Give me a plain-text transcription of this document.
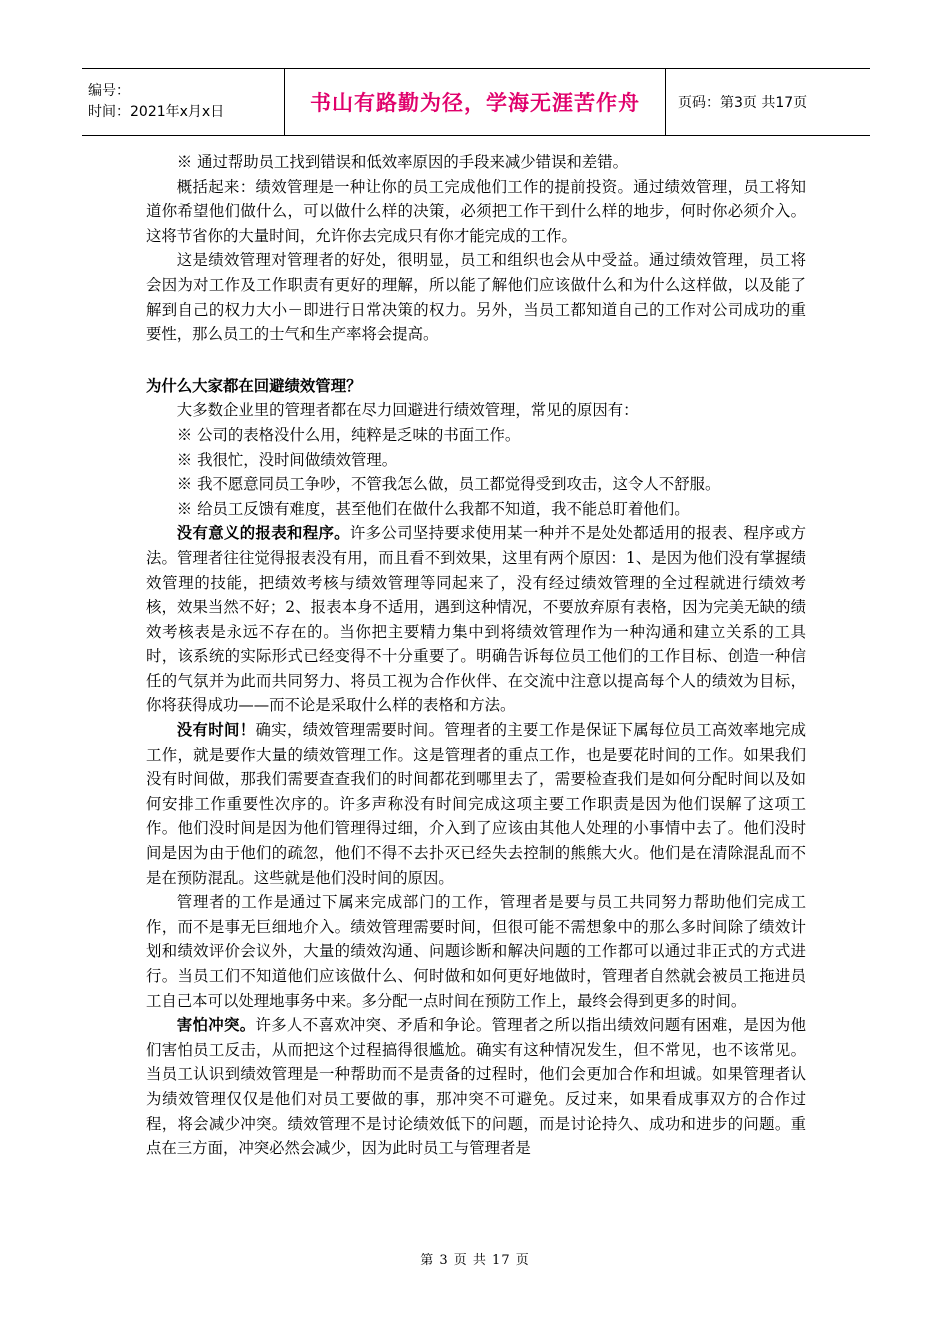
编号：
时间：2021年x月x日	书山有路勤为径，学海无涯苦作舟	页码：第3页 共17页

※ 通过帮助员工找到错误和低效率原因的手段来减少错误和差错。

概括起来：绩效管理是一种让你的员工完成他们工作的提前投资。通过绩效管理，员工将知道你希望他们做什么，可以做什么样的决策，必须把工作干到什么样的地步，何时你必须介入。这将节省你的大量时间，允许你去完成只有你才能完成的工作。

这是绩效管理对管理者的好处，很明显，员工和组织也会从中受益。通过绩效管理，员工将会因为对工作及工作职责有更好的理解，所以能了解他们应该做什么和为什么这样做，以及能了解到自己的权力大小－即进行日常决策的权力。另外，当员工都知道自己的工作对公司成功的重要性，那么员工的士气和生产率将会提高。

为什么大家都在回避绩效管理？

大多数企业里的管理者都在尽力回避进行绩效管理，常见的原因有：

※ 公司的表格没什么用，纯粹是乏味的书面工作。

※ 我很忙，没时间做绩效管理。

※ 我不愿意同员工争吵，不管我怎么做，员工都觉得受到攻击，这令人不舒服。

※ 给员工反馈有难度，甚至他们在做什么我都不知道，我不能总盯着他们。

没有意义的报表和程序。许多公司坚持要求使用某一种并不是处处都适用的报表、程序或方法。管理者往往觉得报表没有用，而且看不到效果，这里有两个原因：1、是因为他们没有掌握绩效管理的技能，把绩效考核与绩效管理等同起来了，没有经过绩效管理的全过程就进行绩效考核，效果当然不好；2、报表本身不适用，遇到这种情况，不要放弃原有表格，因为完美无缺的绩效考核表是永远不存在的。当你把主要精力集中到将绩效管理作为一种沟通和建立关系的工具时，该系统的实际形式已经变得不十分重要了。明确告诉每位员工他们的工作目标、创造一种信任的气氛并为此而共同努力、将员工视为合作伙伴、在交流中注意以提高每个人的绩效为目标，你将获得成功——而不论是采取什么样的表格和方法。

没有时间！确实，绩效管理需要时间。管理者的主要工作是保证下属每位员工高效率地完成工作，就是要作大量的绩效管理工作。这是管理者的重点工作，也是要花时间的工作。如果我们没有时间做，那我们需要查查我们的时间都花到哪里去了，需要检查我们是如何分配时间以及如何安排工作重要性次序的。许多声称没有时间完成这项主要工作职责是因为他们误解了这项工作。他们没时间是因为他们管理得过细，介入到了应该由其他人处理的小事情中去了。他们没时间是因为由于他们的疏忽，他们不得不去扑灭已经失去控制的熊熊大火。他们是在清除混乱而不是在预防混乱。这些就是他们没时间的原因。

管理者的工作是通过下属来完成部门的工作，管理者是要与员工共同努力帮助他们完成工作，而不是事无巨细地介入。绩效管理需要时间，但很可能不需想象中的那么多时间除了绩效计划和绩效评价会议外，大量的绩效沟通、问题诊断和解决问题的工作都可以通过非正式的方式进行。当员工们不知道他们应该做什么、何时做和如何更好地做时，管理者自然就会被员工拖进员工自己本可以处理地事务中来。多分配一点时间在预防工作上，最终会得到更多的时间。

害怕冲突。许多人不喜欢冲突、矛盾和争论。管理者之所以指出绩效问题有困难，是因为他们害怕员工反击，从而把这个过程搞得很尴尬。确实有这种情况发生，但不常见，也不该常见。当员工认识到绩效管理是一种帮助而不是责备的过程时，他们会更加合作和坦诚。如果管理者认为绩效管理仅仅是他们对员工要做的事，那冲突不可避免。反过来，如果看成事双方的合作过程，将会减少冲突。绩效管理不是讨论绩效低下的问题，而是讨论持久、成功和进步的问题。重点在三方面，冲突必然会减少，因为此时员工与管理者是

第 3 页 共 17 页
